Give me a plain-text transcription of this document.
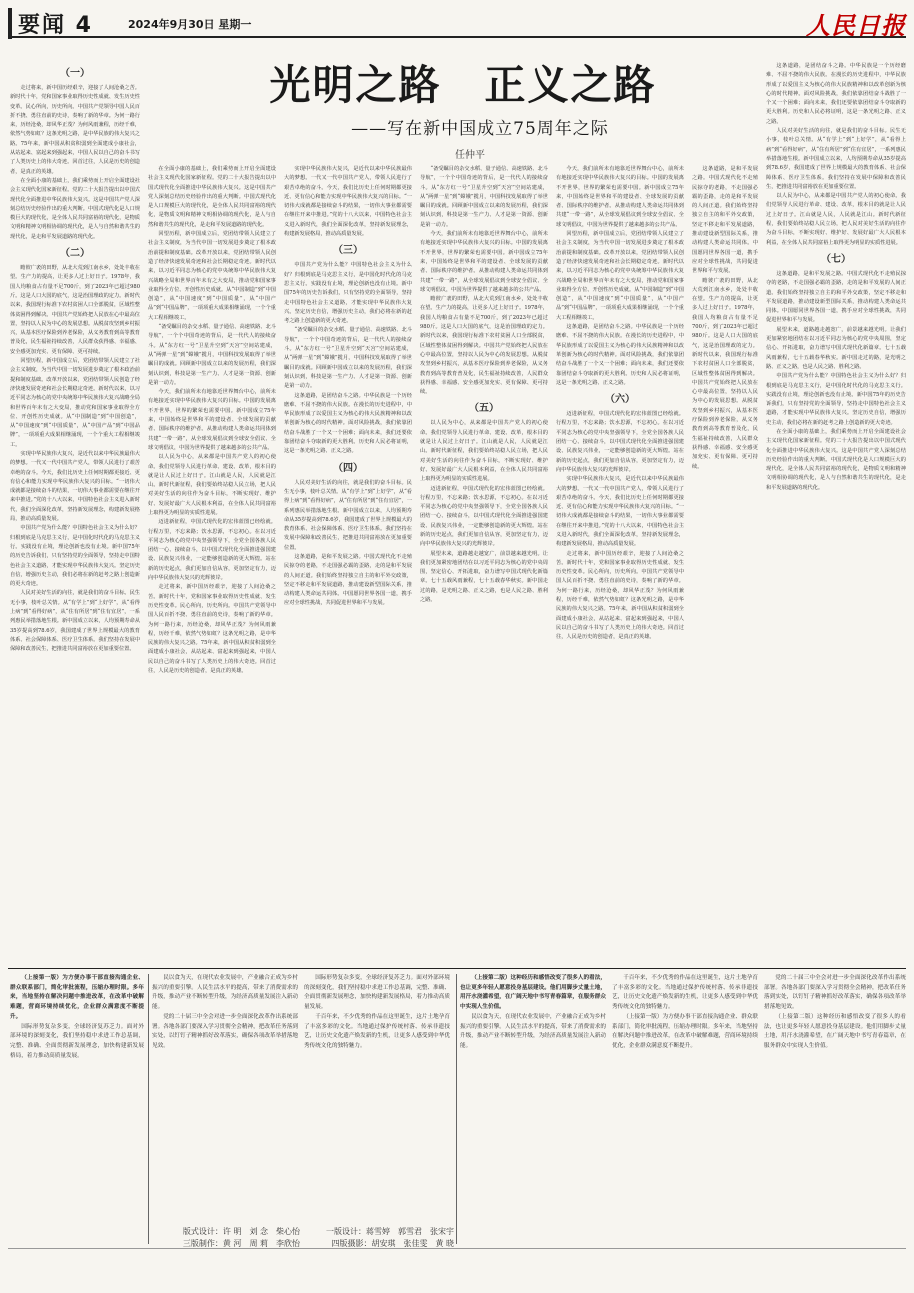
要闻 4	2024年9月30日 星期一	人民日报
光明之路　正义之路
——写在新中国成立75周年之际
任仲平
（一）

走过将来，新中国历经艰辛，迎接了人间沧桑之苦。新时代十年，党和国家事业取得历史性成就、发生历史性变革。民心所向，历史所向。中国共产党领导中国人民百折不挠、勇往直前的史诗，奏响了新的华章。为何一路行来，历经沧桑，却风华正茂？为何风雨兼程，历经千难，依然气势如虹？这条光明之路，是中华民族的伟大复兴之路。75年来，新中国从积贫积弱到全面建成小康社会，从站起来、富起来到强起来，中国人民以自己的奋斗书写了人类历史上的伟大奇迹。回首过往，人民是历史的创造者，是真正的英雄。

在全面小康的基础上，我们乘势而上开启全面建设社会主义现代化国家新征程。党的二十大报告提出以中国式现代化全面推进中华民族伟大复兴。这是中国共产党人深刻总结历史经验作出的重大判断。中国式现代化是人口规模巨大的现代化，是全体人民共同富裕的现代化，是物质文明和精神文明相协调的现代化，是人与自然和谐共生的现代化，是走和平发展道路的现代化。

（二）

瞻彼广袤的田野，从北大荒到江南水乡，处处丰收在望。生产力的提高，让更多人过上好日子。1978年，我国人均粮食占有量不足700斤，到了2023年已超过980斤。这是人口大国的底气，这是治国理政的定力。新时代以来，我国现行标准下农村贫困人口全部脱贫，区域性整体贫困得到解决。中国共产党始终把人民放在心中最高位置，坚持以人民为中心的发展思想。从脱贫攻坚到乡村振兴，从基本医疗保险到养老保险，从义务教育到高等教育普及化，民生福祉持续改善，人民群众获得感、幸福感、安全感更加充实、更有保障、更可持续。

回望历程，新中国成立后，党团结带领人民建立了社会主义制度，为当代中国一切发展进步奠定了根本政治前提和制度基础。改革开放以来，党团结带领人民创造了经济快速发展奇迹和社会长期稳定奇迹。新时代以来，以习近平同志为核心的党中央统筹中华民族伟大复兴战略全局和世界百年未有之大变局，推动党和国家事业取得全方位、开创性历史成就。从“中国制造”到“中国创造”，从“中国速度”到“中国质量”，从“中国产品”到“中国品牌”，一项项重大成果相继涌现，一个个重大工程相继竣工。

实现中华民族伟大复兴，是近代以来中华民族最伟大的梦想。一代又一代中国共产党人，带领人民进行了艰苦卓绝的奋斗。今天，我们比历史上任何时期都更接近、更有信心和能力实现中华民族伟大复兴的目标。“一切伟大成就都是接续奋斗的结果，一切伟大事业都需要在继往开来中推进。”党的十八大以来，中国特色社会主义进入新时代，我们全面深化改革，坚持新发展理念，构建新发展格局，推动高质量发展。

中国共产党为什么能？中国特色社会主义为什么好？归根到底是马克思主义行，是中国化时代化的马克思主义行。实践没有止境，理论创新也没有止境。新中国75年的历史告诉我们，只有坚持党的全面领导，坚持走中国特色社会主义道路，才能实现中华民族伟大复兴。坚定历史自信，增强历史主动，我们必将在新的赶考之路上创造新的更大奇迹。

人民对美好生活的向往，就是我们的奋斗目标。民生无小事，枝叶总关情。从“有学上”到“上好学”，从“看得上病”到“看得好病”，从“住有所居”到“住有宜居”，一系列惠民举措落地生根。新中国成立以来，人均预期寿命从35岁提高到78.6岁，我国建成了世界上规模最大的教育体系、社会保障体系、医疗卫生体系。我们坚持在发展中保障和改善民生，把推进共同富裕放在更加重要位置。

在全面小康的基础上，我们乘势而上开启全面建设社会主义现代化国家新征程。党的二十大报告提出以中国式现代化全面推进中华民族伟大复兴。这是中国共产党人深刻总结历史经验作出的重大判断。中国式现代化是人口规模巨大的现代化，是全体人民共同富裕的现代化，是物质文明和精神文明相协调的现代化，是人与自然和谐共生的现代化，是走和平发展道路的现代化。

回望历程，新中国成立后，党团结带领人民建立了社会主义制度，为当代中国一切发展进步奠定了根本政治前提和制度基础。改革开放以来，党团结带领人民创造了经济快速发展奇迹和社会长期稳定奇迹。新时代以来，以习近平同志为核心的党中央统筹中华民族伟大复兴战略全局和世界百年未有之大变局，推动党和国家事业取得全方位、开创性历史成就。从“中国制造”到“中国创造”，从“中国速度”到“中国质量”，从“中国产品”到“中国品牌”，一项项重大成果相继涌现，一个个重大工程相继竣工。

“备受瞩目的杂交水稻、量子通信、高速铁路、北斗导航”，一个个中国奇迹的背后，是一代代人的接续奋斗。从“东方红一号”卫星升空到“天宫”空间站建成，从“两弹一星”到“嫦娥”揽月，中国科技发展取得了举世瞩目的成就。回顾新中国成立以来的发展历程，我们深刻认识到，科技是第一生产力、人才是第一资源、创新是第一动力。

今天，我们前所未有地靠近世界舞台中心，前所未有地接近实现中华民族伟大复兴的目标。中国的发展离不开世界，世界的繁荣也需要中国。新中国成立75年来，中国始终是世界和平的建设者、全球发展的贡献者、国际秩序的维护者。从推动构建人类命运共同体到共建“一带一路”，从全球发展倡议到全球安全倡议、全球文明倡议，中国为世界提供了越来越多的公共产品。

以人民为中心，从来都是中国共产党人的初心使命。我们党领导人民进行革命、建设、改革，根本目的就是让人民过上好日子。江山就是人民，人民就是江山。新时代新征程，我们要始终站稳人民立场，把人民对美好生活的向往作为奋斗目标，不断实现好、维护好、发展好最广大人民根本利益，在全体人民共同富裕上取得更为明显的实质性进展。

迈进新征程，中国式现代化的宏伟蓝图已经绘就。行程万里，不忘来路；饮水思源，不忘初心。在以习近平同志为核心的党中央坚强领导下，全党全国各族人民团结一心、接续奋斗，以中国式现代化全面推进强国建设、民族复兴伟业，一定能够创造新的更大辉煌。站在新的历史起点，我们更加自信从容，更加坚定有力，迈向中华民族伟大复兴的光辉彼岸。

走过将来，新中国历经艰辛，迎接了人间沧桑之苦。新时代十年，党和国家事业取得历史性成就、发生历史性变革。民心所向，历史所向。中国共产党领导中国人民百折不挠、勇往直前的史诗，奏响了新的华章。为何一路行来，历经沧桑，却风华正茂？为何风雨兼程，历经千难，依然气势如虹？这条光明之路，是中华民族的伟大复兴之路。75年来，新中国从积贫积弱到全面建成小康社会，从站起来、富起来到强起来，中国人民以自己的奋斗书写了人类历史上的伟大奇迹。回首过往，人民是历史的创造者，是真正的英雄。

实现中华民族伟大复兴，是近代以来中华民族最伟大的梦想。一代又一代中国共产党人，带领人民进行了艰苦卓绝的奋斗。今天，我们比历史上任何时期都更接近、更有信心和能力实现中华民族伟大复兴的目标。“一切伟大成就都是接续奋斗的结果，一切伟大事业都需要在继往开来中推进。”党的十八大以来，中国特色社会主义进入新时代，我们全面深化改革，坚持新发展理念，构建新发展格局，推动高质量发展。

（三）

中国共产党为什么能？中国特色社会主义为什么好？归根到底是马克思主义行，是中国化时代化的马克思主义行。实践没有止境，理论创新也没有止境。新中国75年的历史告诉我们，只有坚持党的全面领导，坚持走中国特色社会主义道路，才能实现中华民族伟大复兴。坚定历史自信，增强历史主动，我们必将在新的赶考之路上创造新的更大奇迹。

“备受瞩目的杂交水稻、量子通信、高速铁路、北斗导航”，一个个中国奇迹的背后，是一代代人的接续奋斗。从“东方红一号”卫星升空到“天宫”空间站建成，从“两弹一星”到“嫦娥”揽月，中国科技发展取得了举世瞩目的成就。回顾新中国成立以来的发展历程，我们深刻认识到，科技是第一生产力、人才是第一资源、创新是第一动力。

这条道路，是团结奋斗之路。中华民族是一个历经磨难、不屈不挠的伟大民族。在漫长的历史进程中，中华民族形成了以爱国主义为核心的伟大民族精神和以改革创新为核心的时代精神。面对风险挑战，我们依靠团结奋斗战胜了一个又一个困难；面向未来，我们还要依靠团结奋斗夺取新的更大胜利。历史和人民必将证明，这是一条光明之路、正义之路。

（四）

人民对美好生活的向往，就是我们的奋斗目标。民生无小事，枝叶总关情。从“有学上”到“上好学”，从“看得上病”到“看得好病”，从“住有所居”到“住有宜居”，一系列惠民举措落地生根。新中国成立以来，人均预期寿命从35岁提高到78.6岁，我国建成了世界上规模最大的教育体系、社会保障体系、医疗卫生体系。我们坚持在发展中保障和改善民生，把推进共同富裕放在更加重要位置。

这条道路，是和平发展之路。中国式现代化不走殖民掠夺的老路，不走国强必霸的歪路，走的是和平发展的人间正道。我们始终坚持独立自主的和平外交政策，坚定不移走和平发展道路，推动建设新型国际关系，推动构建人类命运共同体。中国愿同世界各国一道，携手应对全球性挑战，共同促进世界和平与发展。

“备受瞩目的杂交水稻、量子通信、高速铁路、北斗导航”，一个个中国奇迹的背后，是一代代人的接续奋斗。从“东方红一号”卫星升空到“天宫”空间站建成，从“两弹一星”到“嫦娥”揽月，中国科技发展取得了举世瞩目的成就。回顾新中国成立以来的发展历程，我们深刻认识到，科技是第一生产力、人才是第一资源、创新是第一动力。

今天，我们前所未有地靠近世界舞台中心，前所未有地接近实现中华民族伟大复兴的目标。中国的发展离不开世界，世界的繁荣也需要中国。新中国成立75年来，中国始终是世界和平的建设者、全球发展的贡献者、国际秩序的维护者。从推动构建人类命运共同体到共建“一带一路”，从全球发展倡议到全球安全倡议、全球文明倡议，中国为世界提供了越来越多的公共产品。

瞻彼广袤的田野，从北大荒到江南水乡，处处丰收在望。生产力的提高，让更多人过上好日子。1978年，我国人均粮食占有量不足700斤，到了2023年已超过980斤。这是人口大国的底气，这是治国理政的定力。新时代以来，我国现行标准下农村贫困人口全部脱贫，区域性整体贫困得到解决。中国共产党始终把人民放在心中最高位置，坚持以人民为中心的发展思想。从脱贫攻坚到乡村振兴，从基本医疗保险到养老保险，从义务教育到高等教育普及化，民生福祉持续改善，人民群众获得感、幸福感、安全感更加充实、更有保障、更可持续。

（五）

以人民为中心，从来都是中国共产党人的初心使命。我们党领导人民进行革命、建设、改革，根本目的就是让人民过上好日子。江山就是人民，人民就是江山。新时代新征程，我们要始终站稳人民立场，把人民对美好生活的向往作为奋斗目标，不断实现好、维护好、发展好最广大人民根本利益，在全体人民共同富裕上取得更为明显的实质性进展。

迈进新征程，中国式现代化的宏伟蓝图已经绘就。行程万里，不忘来路；饮水思源，不忘初心。在以习近平同志为核心的党中央坚强领导下，全党全国各族人民团结一心、接续奋斗，以中国式现代化全面推进强国建设、民族复兴伟业，一定能够创造新的更大辉煌。站在新的历史起点，我们更加自信从容，更加坚定有力，迈向中华民族伟大复兴的光辉彼岸。

展望未来，道路越走越宽广，前景越来越光明。让我们更加紧密地团结在以习近平同志为核心的党中央周围，坚定信心、开拓进取，奋力谱写中国式现代化新篇章。七十五载风雨兼程，七十五载春华秋实。新中国走过的路，是光明之路、正义之路，也是人民之路、胜利之路。

今天，我们前所未有地靠近世界舞台中心，前所未有地接近实现中华民族伟大复兴的目标。中国的发展离不开世界，世界的繁荣也需要中国。新中国成立75年来，中国始终是世界和平的建设者、全球发展的贡献者、国际秩序的维护者。从推动构建人类命运共同体到共建“一带一路”，从全球发展倡议到全球安全倡议、全球文明倡议，中国为世界提供了越来越多的公共产品。

回望历程，新中国成立后，党团结带领人民建立了社会主义制度，为当代中国一切发展进步奠定了根本政治前提和制度基础。改革开放以来，党团结带领人民创造了经济快速发展奇迹和社会长期稳定奇迹。新时代以来，以习近平同志为核心的党中央统筹中华民族伟大复兴战略全局和世界百年未有之大变局，推动党和国家事业取得全方位、开创性历史成就。从“中国制造”到“中国创造”，从“中国速度”到“中国质量”，从“中国产品”到“中国品牌”，一项项重大成果相继涌现，一个个重大工程相继竣工。

这条道路，是团结奋斗之路。中华民族是一个历经磨难、不屈不挠的伟大民族。在漫长的历史进程中，中华民族形成了以爱国主义为核心的伟大民族精神和以改革创新为核心的时代精神。面对风险挑战，我们依靠团结奋斗战胜了一个又一个困难；面向未来，我们还要依靠团结奋斗夺取新的更大胜利。历史和人民必将证明，这是一条光明之路、正义之路。

（六）

迈进新征程，中国式现代化的宏伟蓝图已经绘就。行程万里，不忘来路；饮水思源，不忘初心。在以习近平同志为核心的党中央坚强领导下，全党全国各族人民团结一心、接续奋斗，以中国式现代化全面推进强国建设、民族复兴伟业，一定能够创造新的更大辉煌。站在新的历史起点，我们更加自信从容，更加坚定有力，迈向中华民族伟大复兴的光辉彼岸。

实现中华民族伟大复兴，是近代以来中华民族最伟大的梦想。一代又一代中国共产党人，带领人民进行了艰苦卓绝的奋斗。今天，我们比历史上任何时期都更接近、更有信心和能力实现中华民族伟大复兴的目标。“一切伟大成就都是接续奋斗的结果，一切伟大事业都需要在继往开来中推进。”党的十八大以来，中国特色社会主义进入新时代，我们全面深化改革，坚持新发展理念，构建新发展格局，推动高质量发展。

走过将来，新中国历经艰辛，迎接了人间沧桑之苦。新时代十年，党和国家事业取得历史性成就、发生历史性变革。民心所向，历史所向。中国共产党领导中国人民百折不挠、勇往直前的史诗，奏响了新的华章。为何一路行来，历经沧桑，却风华正茂？为何风雨兼程，历经千难，依然气势如虹？这条光明之路，是中华民族的伟大复兴之路。75年来，新中国从积贫积弱到全面建成小康社会，从站起来、富起来到强起来，中国人民以自己的奋斗书写了人类历史上的伟大奇迹。回首过往，人民是历史的创造者，是真正的英雄。

这条道路，是团结奋斗之路。中华民族是一个历经磨难、不屈不挠的伟大民族。在漫长的历史进程中，中华民族形成了以爱国主义为核心的伟大民族精神和以改革创新为核心的时代精神。面对风险挑战，我们依靠团结奋斗战胜了一个又一个困难；面向未来，我们还要依靠团结奋斗夺取新的更大胜利。历史和人民必将证明，这是一条光明之路、正义之路。

人民对美好生活的向往，就是我们的奋斗目标。民生无小事，枝叶总关情。从“有学上”到“上好学”，从“看得上病”到“看得好病”，从“住有所居”到“住有宜居”，一系列惠民举措落地生根。新中国成立以来，人均预期寿命从35岁提高到78.6岁，我国建成了世界上规模最大的教育体系、社会保障体系、医疗卫生体系。我们坚持在发展中保障和改善民生，把推进共同富裕放在更加重要位置。

以人民为中心，从来都是中国共产党人的初心使命。我们党领导人民进行革命、建设、改革，根本目的就是让人民过上好日子。江山就是人民，人民就是江山。新时代新征程，我们要始终站稳人民立场，把人民对美好生活的向往作为奋斗目标，不断实现好、维护好、发展好最广大人民根本利益，在全体人民共同富裕上取得更为明显的实质性进展。

（七）

这条道路，是和平发展之路。中国式现代化不走殖民掠夺的老路，不走国强必霸的歪路，走的是和平发展的人间正道。我们始终坚持独立自主的和平外交政策，坚定不移走和平发展道路，推动建设新型国际关系，推动构建人类命运共同体。中国愿同世界各国一道，携手应对全球性挑战，共同促进世界和平与发展。

展望未来，道路越走越宽广，前景越来越光明。让我们更加紧密地团结在以习近平同志为核心的党中央周围，坚定信心、开拓进取，奋力谱写中国式现代化新篇章。七十五载风雨兼程，七十五载春华秋实。新中国走过的路，是光明之路、正义之路，也是人民之路、胜利之路。

中国共产党为什么能？中国特色社会主义为什么好？归根到底是马克思主义行，是中国化时代化的马克思主义行。实践没有止境，理论创新也没有止境。新中国75年的历史告诉我们，只有坚持党的全面领导，坚持走中国特色社会主义道路，才能实现中华民族伟大复兴。坚定历史自信，增强历史主动，我们必将在新的赶考之路上创造新的更大奇迹。

在全面小康的基础上，我们乘势而上开启全面建设社会主义现代化国家新征程。党的二十大报告提出以中国式现代化全面推进中华民族伟大复兴。这是中国共产党人深刻总结历史经验作出的重大判断。中国式现代化是人口规模巨大的现代化，是全体人民共同富裕的现代化，是物质文明和精神文明相协调的现代化，是人与自然和谐共生的现代化，是走和平发展道路的现代化。

这条道路，是和平发展之路。中国式现代化不走殖民掠夺的老路，不走国强必霸的歪路，走的是和平发展的人间正道。我们始终坚持独立自主的和平外交政策，坚定不移走和平发展道路，推动建设新型国际关系，推动构建人类命运共同体。中国愿同世界各国一道，携手应对全球性挑战，共同促进世界和平与发展。

瞻彼广袤的田野，从北大荒到江南水乡，处处丰收在望。生产力的提高，让更多人过上好日子。1978年，我国人均粮食占有量不足700斤，到了2023年已超过980斤。这是人口大国的底气，这是治国理政的定力。新时代以来，我国现行标准下农村贫困人口全部脱贫，区域性整体贫困得到解决。中国共产党始终把人民放在心中最高位置，坚持以人民为中心的发展思想。从脱贫攻坚到乡村振兴，从基本医疗保险到养老保险，从义务教育到高等教育普及化，民生福祉持续改善，人民群众获得感、幸福感、安全感更加充实、更有保障、更可持续。

（上接第一版）为方便办事干部直接沟通企业、群众联系部门，简化审批流程，压缩办理时限。多年来，当地坚持在解决问题中推进改革，在改革中破解难题，营商环境持续优化，企业群众满意度不断提升。

国际形势复杂多变，全球经济复苏乏力。面对外部环境的深刻变化，我们坚持稳中求进工作总基调，完整、准确、全面贯彻新发展理念，加快构建新发展格局，着力推动高质量发展。

民以食为天，在现代农业发展中，产业融合正成为乡村振兴的重要引擎。人民生活水平的提高，带来了消费需求的升级，推动产业不断转型升级，为经济高质量发展注入新动能。

党的二十届三中全会对进一步全面深化改革作出系统部署。各地各部门要深入学习贯彻全会精神，把改革任务落到实处，以钉钉子精神抓好改革落实，确保各项改革举措落地见效。

国际形势复杂多变，全球经济复苏乏力。面对外部环境的深刻变化，我们坚持稳中求进工作总基调，完整、准确、全面贯彻新发展理念，加快构建新发展格局，着力推动高质量发展。

千百年来，不少优秀的作品在这里诞生，这片土地孕育了丰富多彩的文化。当地通过保护传统村落、传承非遗技艺，让历史文化遗产焕发新的生机，让更多人感受到中华优秀传统文化的独特魅力。

（上接第二版）这种经历和感悟改变了很多人的看法，也让更多年轻人愿意投身基层建设。他们用脚步丈量土地，用汗水浇灌希望，在广阔天地中书写青春篇章，在服务群众中实现人生价值。

民以食为天，在现代农业发展中，产业融合正成为乡村振兴的重要引擎。人民生活水平的提高，带来了消费需求的升级，推动产业不断转型升级，为经济高质量发展注入新动能。

千百年来，不少优秀的作品在这里诞生，这片土地孕育了丰富多彩的文化。当地通过保护传统村落、传承非遗技艺，让历史文化遗产焕发新的生机，让更多人感受到中华优秀传统文化的独特魅力。

（上接第一版）为方便办事干部直接沟通企业、群众联系部门，简化审批流程，压缩办理时限。多年来，当地坚持在解决问题中推进改革，在改革中破解难题，营商环境持续优化，企业群众满意度不断提升。

党的二十届三中全会对进一步全面深化改革作出系统部署。各地各部门要深入学习贯彻全会精神，把改革任务落到实处，以钉钉子精神抓好改革落实，确保各项改革举措落地见效。

（上接第二版）这种经历和感悟改变了很多人的看法，也让更多年轻人愿意投身基层建设。他们用脚步丈量土地，用汗水浇灌希望，在广阔天地中书写青春篇章，在服务群众中实现人生价值。

版式设计：许 明　刘 念　柴心怡
三版制作：黄 河　周 莉　李欣怡
一版设计：蒋雪婷　郭雪君　张宋宇
四版摄影：胡安琪　张佳雯　黄 晓
